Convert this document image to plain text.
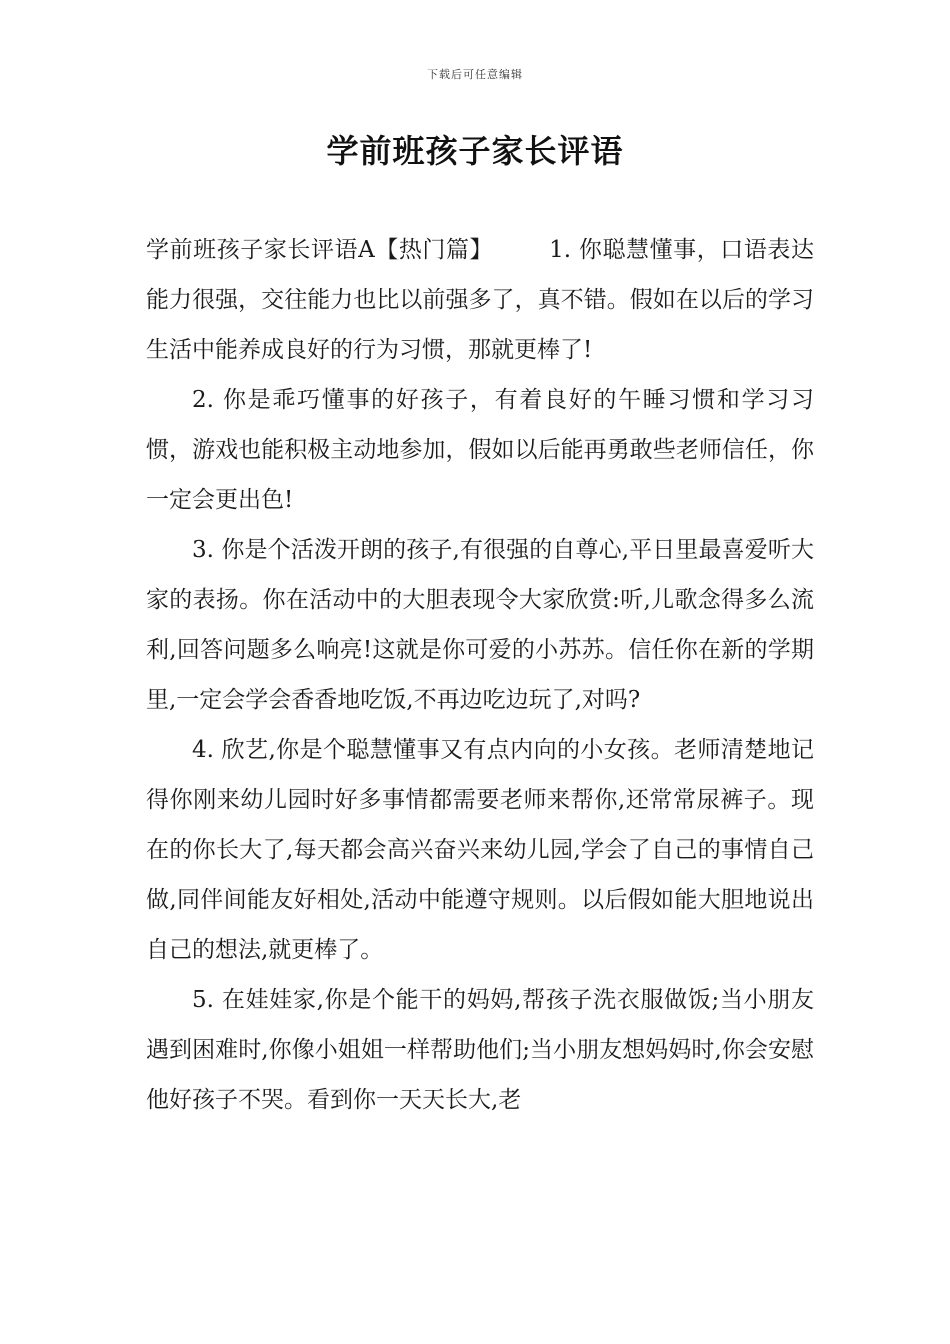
下载后可任意编辑
学前班孩子家长评语

学前班孩子家长评语A【热门篇】 1. 你聪慧懂事，口语表达能力很强，交往能力也比以前强多了，真不错。假如在以后的学习生活中能养成良好的行为习惯，那就更棒了!

2. 你是乖巧懂事的好孩子，有着良好的午睡习惯和学习习惯，游戏也能积极主动地参加，假如以后能再勇敢些老师信任，你一定会更出色!

3. 你是个活泼开朗的孩子,有很强的自尊心,平日里最喜爱听大家的表扬。你在活动中的大胆表现令大家欣赏:听,儿歌念得多么流利,回答问题多么响亮!这就是你可爱的小苏苏。信任你在新的学期里,一定会学会香香地吃饭,不再边吃边玩了,对吗?

4. 欣艺,你是个聪慧懂事又有点内向的小女孩。老师清楚地记得你刚来幼儿园时好多事情都需要老师来帮你,还常常尿裤子。现在的你长大了,每天都会高兴奋兴来幼儿园,学会了自己的事情自己做,同伴间能友好相处,活动中能遵守规则。以后假如能大胆地说出自己的想法,就更棒了。

5. 在娃娃家,你是个能干的妈妈,帮孩子洗衣服做饭;当小朋友遇到困难时,你像小姐姐一样帮助他们;当小朋友想妈妈时,你会安慰他好孩子不哭。看到你一天天长大,老
